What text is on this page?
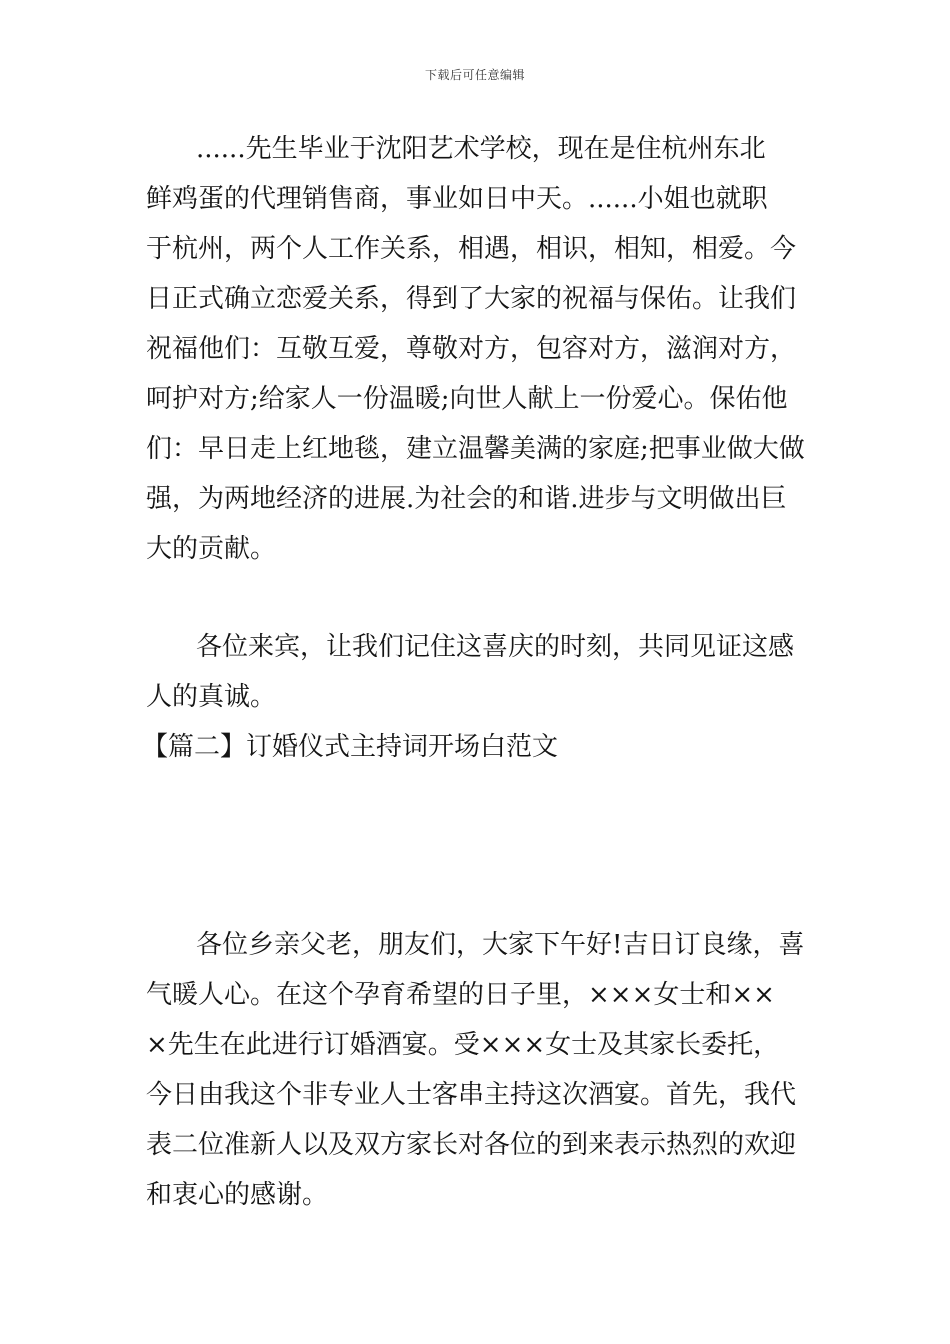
下载后可任意编辑
......先生毕业于沈阳艺术学校，现在是住杭州东北
鲜鸡蛋的代理销售商，事业如日中天。......小姐也就职
于杭州，两个人工作关系，相遇，相识，相知，相爱。今
日正式确立恋爱关系，得到了大家的祝福与保佑。让我们
祝福他们：互敬互爱，尊敬对方，包容对方，滋润对方，
呵护对方;给家人一份温暖;向世人献上一份爱心。保佑他
们：早日走上红地毯，建立温馨美满的家庭;把事业做大做
强，为两地经济的进展.为社会的和谐.进步与文明做出巨
大的贡献。
各位来宾，让我们记住这喜庆的时刻，共同见证这感
人的真诚。
【篇二】订婚仪式主持词开场白范文
各位乡亲父老，朋友们，大家下午好!吉日订良缘，喜
气暖人心。在这个孕育希望的日子里，×××女士和××
×先生在此进行订婚酒宴。受×××女士及其家长委托，
今日由我这个非专业人士客串主持这次酒宴。首先，我代
表二位准新人以及双方家长对各位的到来表示热烈的欢迎
和衷心的感谢。
